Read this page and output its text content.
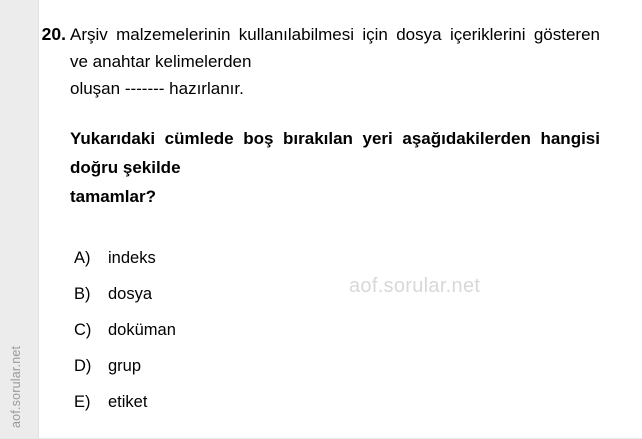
aof.sorular.net
20. Arşiv malzemelerinin kullanılabilmesi için dosya içeriklerini gösteren ve anahtar kelimelerden
oluşan ------- hazırlanır.
Yukarıdaki cümlede boş bırakılan yeri aşağıdakilerden hangisi doğru şekilde
tamamlar?
A)	indeks
B)	dosya
C)	doküman
D)	grup
E)	etiket
aof.sorular.net
